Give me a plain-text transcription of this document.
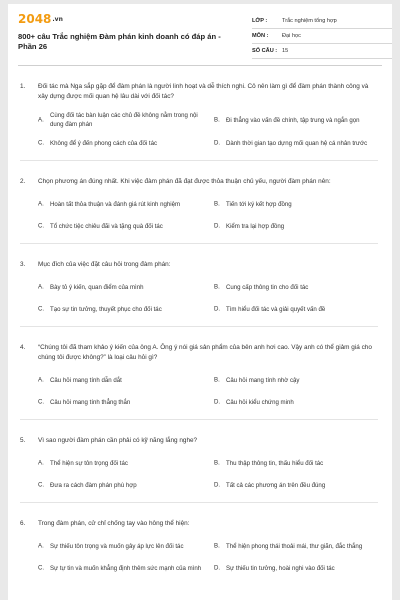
2048.vn
800+ câu Trắc nghiệm Đàm phán kinh doanh có đáp án - Phần 26
LỚP :	Trắc nghiệm tổng hợp
MÔN :	Đại học
SỐ CÂU : 15
1. Đối tác mà Nga sắp gặp để đàm phán là người linh hoạt và dễ thích nghi. Cô nên làm gì để đàm phán thành công và xây dựng được mối quan hệ lâu dài với đối tác?
A.
Cùng đối tác bàn luận các chủ đề không nằm trong nội dung đàm phán
B. Đi thẳng vào vấn đề chính, tập trung và ngắn gọn
C. Không để ý đến phong cách của đối tác	D. Dành thời gian tạo dựng mối quan hệ cá nhân trước
2. Chọn phương án đúng nhất. Khi việc đàm phán đã đạt được thỏa thuận chủ yếu, người đàm phán nên:
A. Hoàn tất thỏa thuận và đánh giá rút kinh nghiệm	B. Tiến tới ký kết hợp đồng
C. Tổ chức tiệc chiêu đãi và tặng quà đối tác	D. Kiểm tra lại hợp đồng
3. Mục đích của việc đặt câu hỏi trong đàm phán:
A. Bày tỏ ý kiến, quan điểm của mình	B. Cung cấp thông tin cho đối tác
C. Tạo sự tin tưởng, thuyết phục cho đối tác	D. Tìm hiểu đối tác và giải quyết vấn đề
4. “Chúng tôi đã tham khảo ý kiến của ông A. Ông ý nói giá sản phẩm của bên anh hơi cao. Vậy anh có thể giảm giá cho chúng tôi được không?” là loại câu hỏi gì?
A. Câu hỏi mang tính dẫn dắt	B. Câu hỏi mang tính nhờ cậy
C. Câu hỏi mang tính thẳng thắn	D. Câu hỏi kiểu chứng minh
5. Vì sao người đàm phán cần phải có kỹ năng lắng nghe?
A. Thể hiện sự tôn trọng đối tác	B. Thu thập thông tin, thấu hiểu đối tác
C. Đưa ra cách đàm phán phù hợp	D. Tất cả các phương án trên đều đúng
6. Trong đàm phán, cử chỉ chống tay vào hông thể hiện:
A. Sự thiếu tôn trọng và muốn gây áp lực lên đối tác	B. Thể hiện phong thái thoải mái, thư giãn, đắc thắng
C. Sự tự tin và muốn khẳng định thêm sức mạnh của mình D. Sự thiếu tin tưởng, hoài nghi vào đối tác
